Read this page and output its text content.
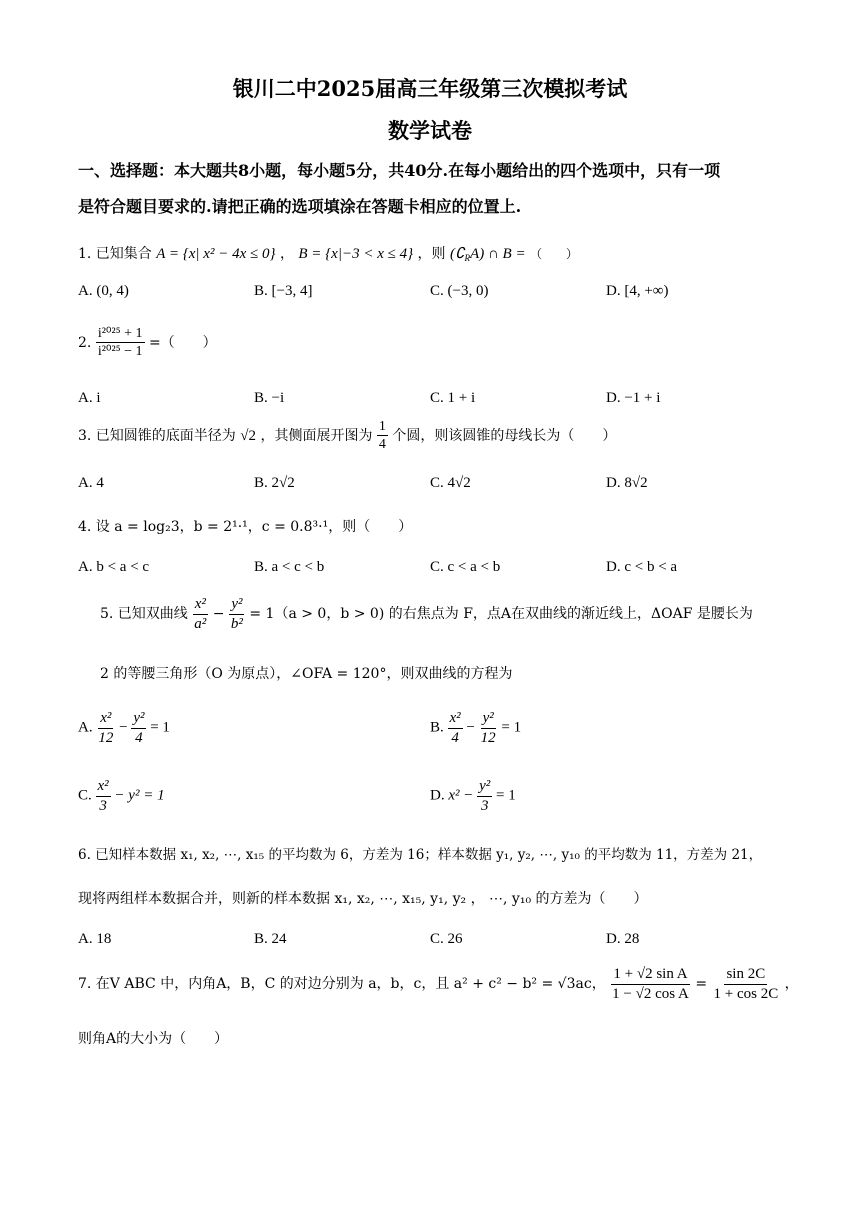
银川二中2025届高三年级第三次模拟考试
数学试卷
一、选择题：本大题共8小题，每小题5分，共40分.在每小题给出的四个选项中，只有一项
是符合题目要求的.请把正确的选项填涂在答题卡相应的位置上.
1. 已知集合 A = {x| x² − 4x ≤ 0} ， B = {x|−3 < x ≤ 4} ，则 $(∁_RA)$ ∩ B = （　　）
A. (0, 4)	B. [−3, 4]	C. (−3, 0)	D. [4, +∞)
2. $\frac{\text{i²⁰²⁵ + 1}}{\text{i²⁰²⁵ − 1}}$ =（　　）
A. i	B. −i	C. 1 + i	D. −1 + i
3. 已知圆锥的底面半径为 √2 ，其侧面展开图为 $\frac{1}{4}$ 个圆，则该圆锥的母线长为（　　）
A. 4	B. 2√2	C. 4√2	D. 8√2
4. 设 a = log₂3，b = 2¹·¹，c = 0.8³·¹，则（　　）
A. b < a < c	B. a < c < b	C. c < a < b	D. c < b < a
5. 已知双曲线 $\frac{\text{x²}}{\text{a²}} - \frac{\text{y²}}{\text{b²}} = 1(a > 0$，b > 0) 的右焦点为 F，点A在双曲线的渐近线上，ΔOAF 是腰长为
2 的等腰三角形（O 为原点），∠OFA = 120°，则双曲线的方程为
A. $\frac{\text{x²}}{12} - \frac{\text{y²}}{4} = 1$	B. $\frac{\text{x²}}{4} - \frac{\text{y²}}{12} = 1$
C. $\frac{\text{x²}}{3} - y^2 = 1$	D. $x^2 - \frac{\text{y²}}{3} = 1$
6. 已知样本数据 x₁, x₂, ⋯, x₁₅ 的平均数为 6，方差为 16；样本数据 y₁, y₂, ⋯, y₁₀ 的平均数为 11，方差为 21，
现将两组样本数据合并，则新的样本数据 x₁, x₂, ⋯, x₁₅, y₁, y₂ ， ⋯, y₁₀ 的方差为（　　）
A. 18	B. 24	C. 26	D. 28
7. 在V ABC 中，内角A，B，C 的对边分别为 a，b，c，且 a² + c² − b² = √3ac， $\frac{\text{1 + √2 sin A}}{\text{1 − √2 cos A}} = \frac{\sin 2C}{1 + \cos 2C}$ ，
则角A的大小为（　　）
